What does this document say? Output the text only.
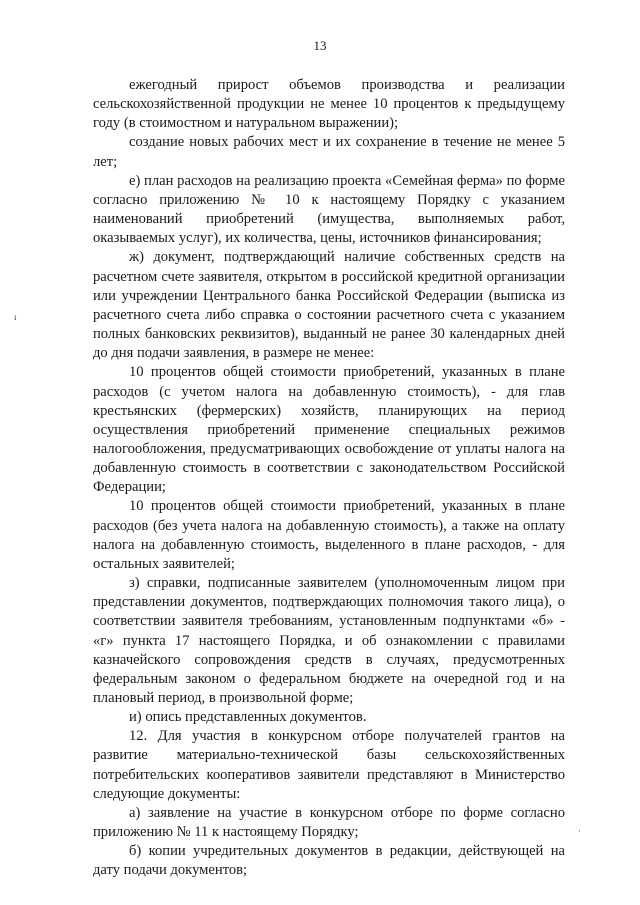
13

ежегодный прирост объемов производства и реализации сельскохозяйственной продукции не менее 10 процентов к предыдущему году (в стоимостном и натуральном выражении);

создание новых рабочих мест и их сохранение в течение не менее 5 лет;

е) план расходов на реализацию проекта «Семейная ферма» по форме согласно приложению № 10 к настоящему Порядку с указанием наименований приобретений (имущества, выполняемых работ, оказываемых услуг), их количества, цены, источников финансирования;

ж) документ, подтверждающий наличие собственных средств на расчетном счете заявителя, открытом в российской кредитной организации или учреждении Центрального банка Российской Федерации (выписка из расчетного счета либо справка о состоянии расчетного счета с указанием полных банковских реквизитов), выданный не ранее 30 календарных дней до дня подачи заявления, в размере не менее:

10 процентов общей стоимости приобретений, указанных в плане расходов (с учетом налога на добавленную стоимость), - для глав крестьянских (фермерских) хозяйств, планирующих на период осуществления приобретений применение специальных режимов налогообложения, предусматривающих освобождение от уплаты налога на добавленную стоимость в соответствии с законодательством Российской Федерации;

10 процентов общей стоимости приобретений, указанных в плане расходов (без учета налога на добавленную стоимость), а также на оплату налога на добавленную стоимость, выделенного в плане расходов, - для остальных заявителей;

з) справки, подписанные заявителем (уполномоченным лицом при представлении документов, подтверждающих полномочия такого лица), о соответствии заявителя требованиям, установленным подпунктами «б» - «г» пункта 17 настоящего Порядка, и об ознакомлении с правилами казначейского сопровождения средств в случаях, предусмотренных федеральным законом о федеральном бюджете на очередной год и на плановый период, в произвольной форме;

и) опись представленных документов.

12. Для участия в конкурсном отборе получателей грантов на развитие материально-технической базы сельскохозяйственных потребительских кооперативов заявители представляют в Министерство следующие документы:

а) заявление на участие в конкурсном отборе по форме согласно приложению № 11 к настоящему Порядку;

б) копии учредительных документов в редакции, действующей на дату подачи документов;

ı
·
